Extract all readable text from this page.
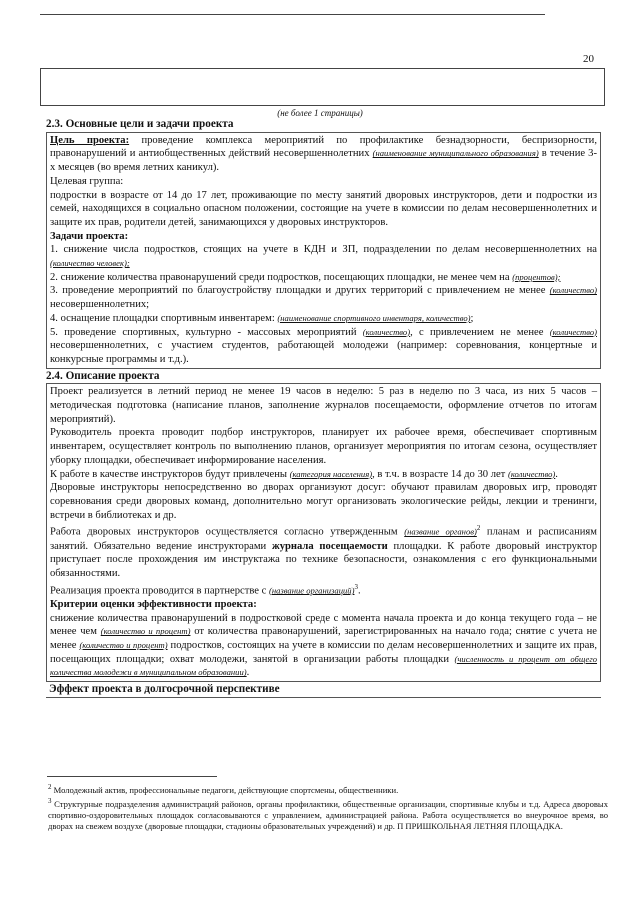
20
(не более 1 страницы)
2.3. Основные цели и задачи проекта

Цель проекта: проведение комплекса мероприятий по профилактике безнадзорности, беспризорности, правонарушений и антиобщественных действий несовершеннолетних (наименование муниципального образования) в течение 3-х месяцев (во время летних каникул).

Целевая группа:

подростки в возрасте от 14 до 17 лет, проживающие по месту занятий дворовых инструкторов, дети и подростки из семей, находящихся в социально опасном положении, состоящие на учете в комиссии по делам несовершеннолетних и защите их прав, родители детей, занимающихся у дворовых инструкторов.

Задачи проекта:

1. снижение числа подростков, стоящих на учете в КДН и ЗП, подразделении по делам несовершеннолетних на (количество человек);

2. снижение количества правонарушений среди подростков, посещающих площадки, не менее чем на (процентов);

3. проведение мероприятий по благоустройству площадки и других территорий с привлечением не менее (количество) несовершеннолетних;

4. оснащение площадки спортивным инвентарем: (наименование спортивного инвентаря, количество);

5. проведение спортивных, культурно - массовых мероприятий (количество), с привлечением не менее (количество) несовершеннолетних, с участием студентов, работающей молодежи (например: соревнования, концертные и конкурсные программы и т.д.).

2.4. Описание проекта

Проект реализуется в летний период не менее 19 часов в неделю: 5 раз в неделю по 3 часа, из них 5 часов – методическая подготовка (написание планов, заполнение журналов посещаемости, оформление отчетов по итогам мероприятий).

Руководитель проекта проводит подбор инструкторов, планирует их рабочее время, обеспечивает спортивным инвентарем, осуществляет контроль по выполнению планов, организует мероприятия по итогам сезона, осуществляет уборку площадки, обеспечивает информирование населения.

К работе в качестве инструкторов будут привлечены (категория населения), в т.ч. в возрасте 14 до 30 лет (количество).

Дворовые инструкторы непосредственно во дворах организуют досуг: обучают правилам дворовых игр, проводят соревнования среди дворовых команд, дополнительно могут организовать экологические рейды, лекции и тренинги, встречи в библиотеках и др.

Работа дворовых инструкторов осуществляется согласно утвержденным (название органов)$^2$ планам и расписаниям занятий. Обязательно ведение инструкторами журнала посещаемости площадки. К работе дворовый инструктор приступает после прохождения им инструктажа по технике безопасности, ознакомления с его функциональными обязанностями.

Реализация проекта проводится в партнерстве с (название организаций)$^3$.

Критерии оценки эффективности проекта:

снижение количества правонарушений в подростковой среде с момента начала проекта и до конца текущего года – не менее чем (количество и процент) от количества правонарушений, зарегистрированных на начало года; снятие с учета не менее (количество и процент) подростков, состоящих на учете в комиссии по делам несовершеннолетних и защите их прав, посещающих площадки; охват молодежи, занятой в организации работы площадки (численность и процент от общего количества молодежи в муниципальном образовании).

Эффект проекта в долгосрочной перспективе

$^2$ Молодежный актив, профессиональные педагоги, действующие спортсмены, общественники.

$^3$ Структурные подразделения администраций районов, органы профилактики, общественные организации, спортивные клубы и т.д. Адреса дворовых спортивно-оздоровительных площадок согласовываются с управлением, администрацией района. Работа осуществляется во внеурочное время, во дворах на свежем воздухе (дворовые площадки, стадионы образовательных учреждений) и др. П ПРИШКОЛЬНАЯ ЛЕТНЯЯ ПЛОЩАДКА.
